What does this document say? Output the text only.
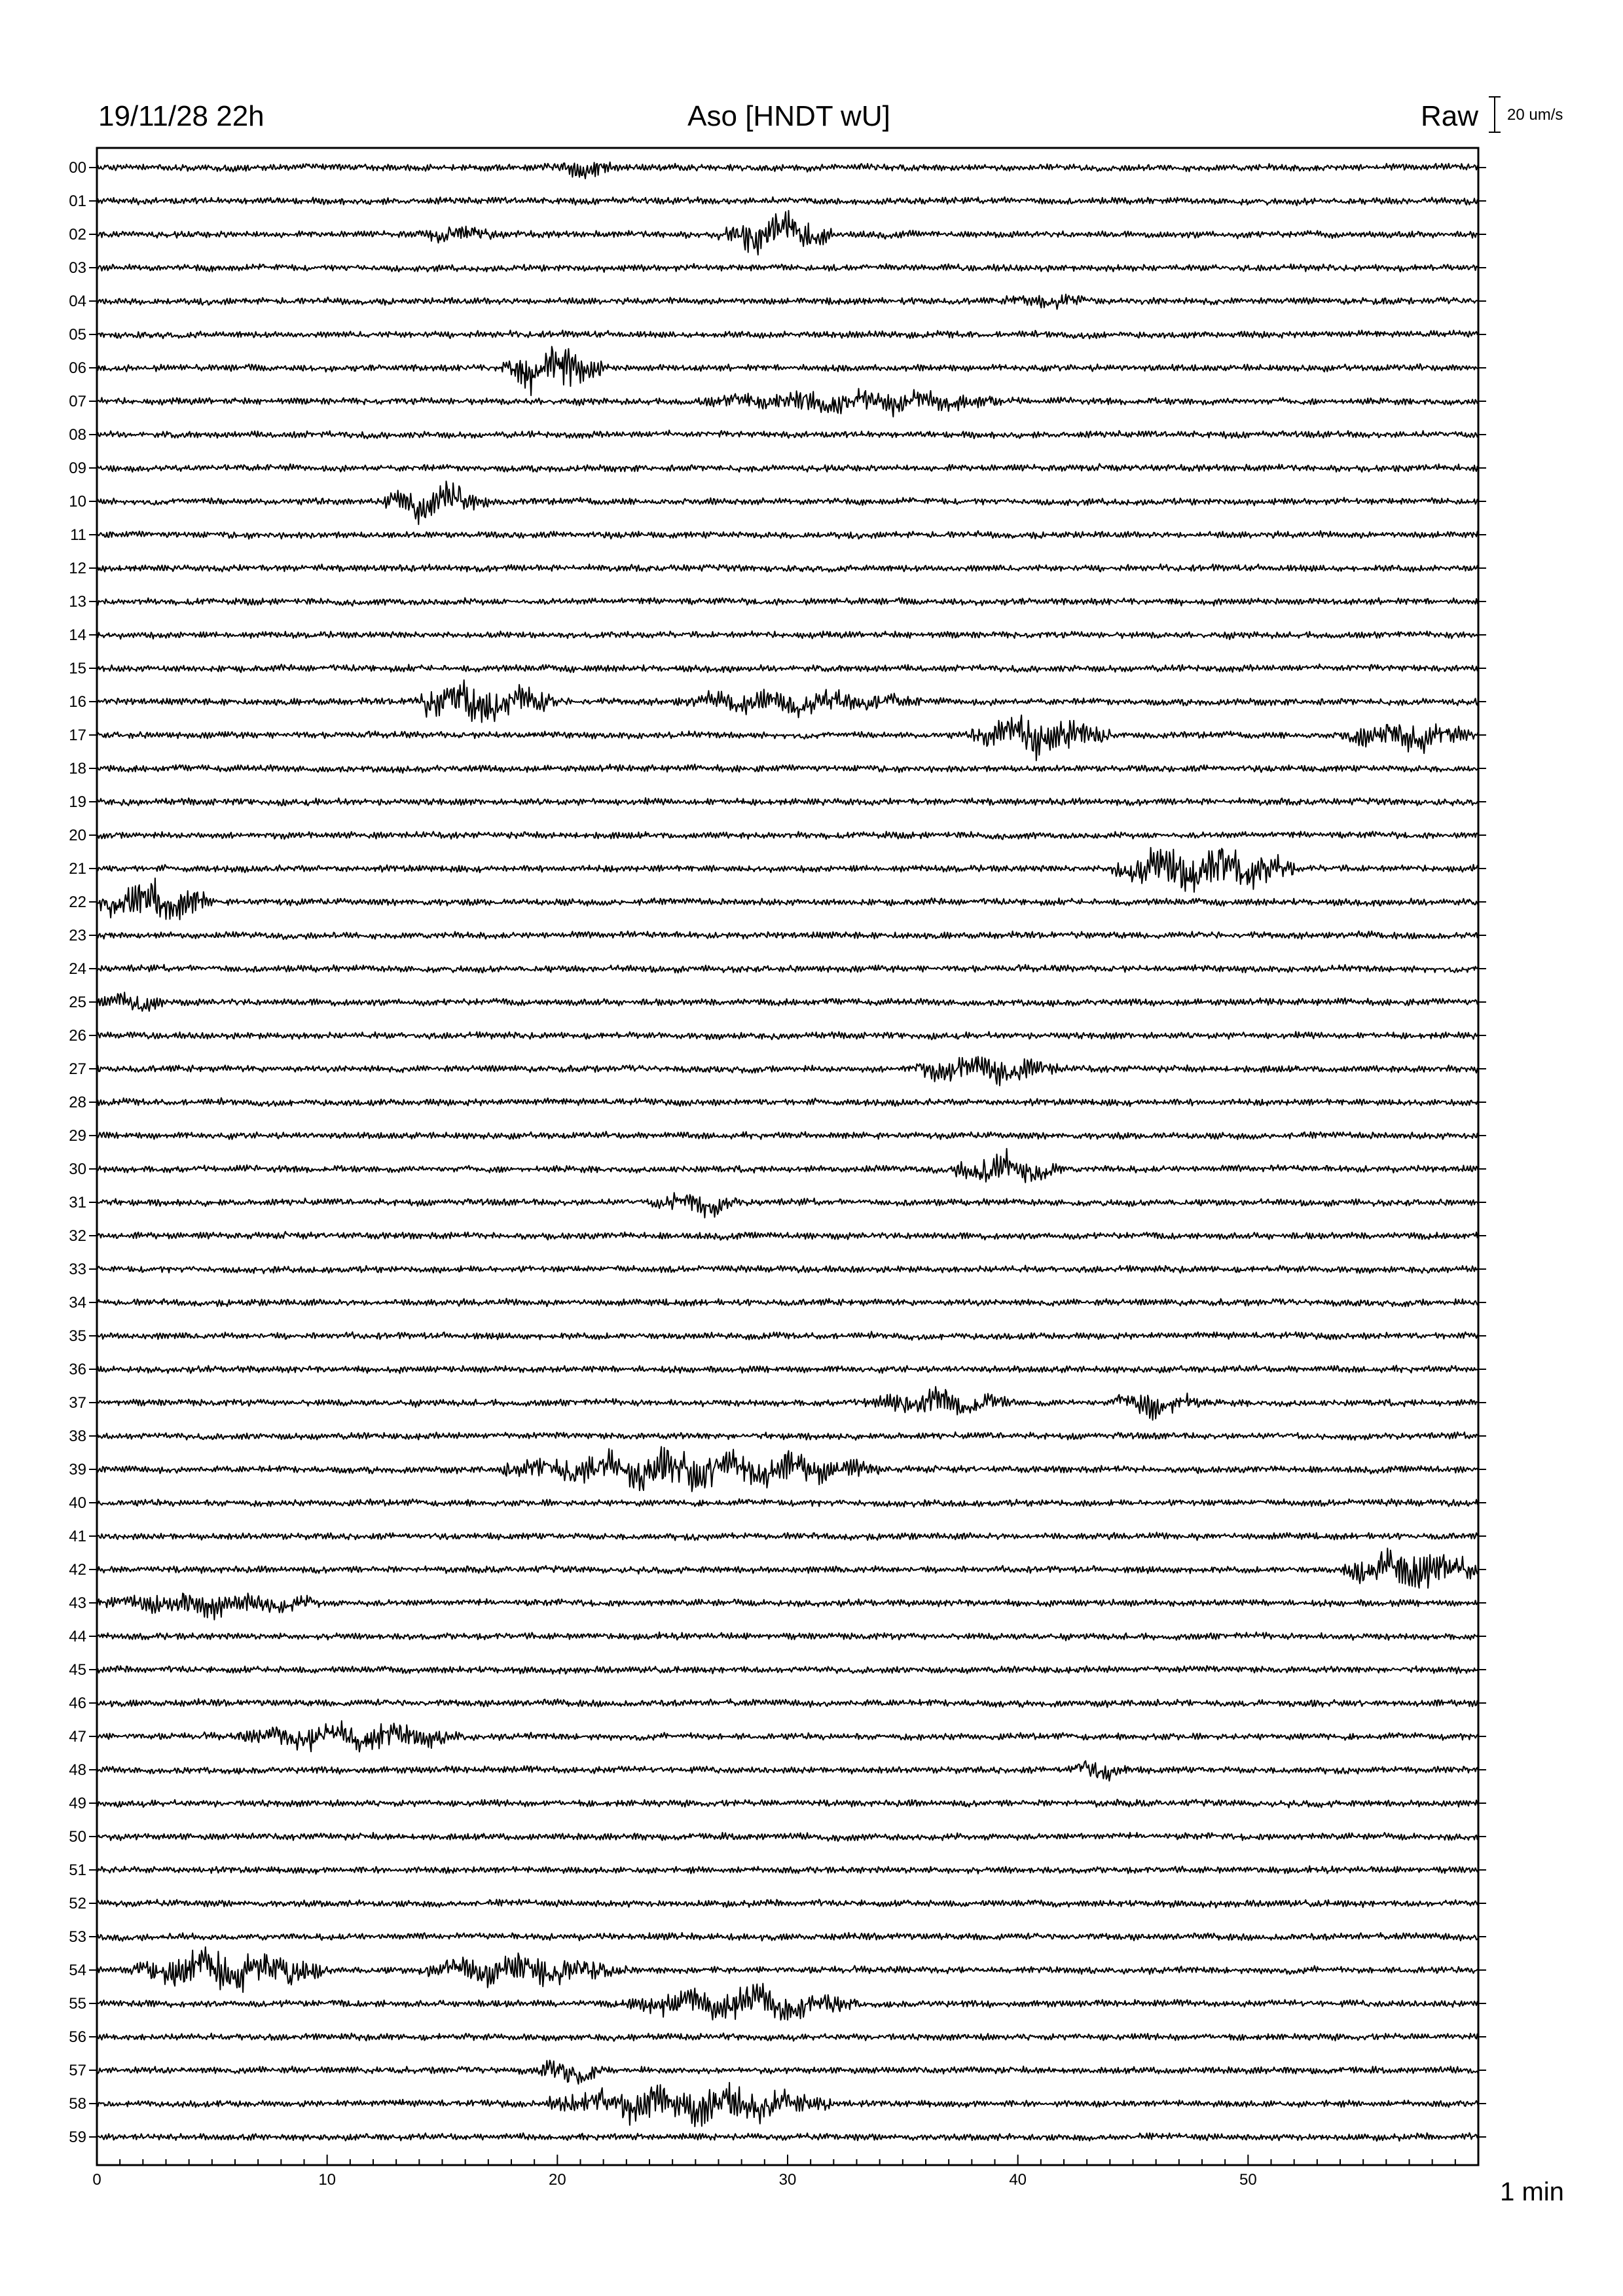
19/11/28 22h	Aso [HNDT wU]	Raw 20 um/s
00
01
02
03
04
05
06
07
08
09
10
11
12
13
14
15
16
17
18
19
20
21
22
23
24
25
26
27
28
29
30
31
32
33
34
35
36
37
38
39
40
41
42
43
44
45
46
47
48
49
50
51
52
53
54
55
56
57
58
59
0	10	20	30	40	50	1 min
